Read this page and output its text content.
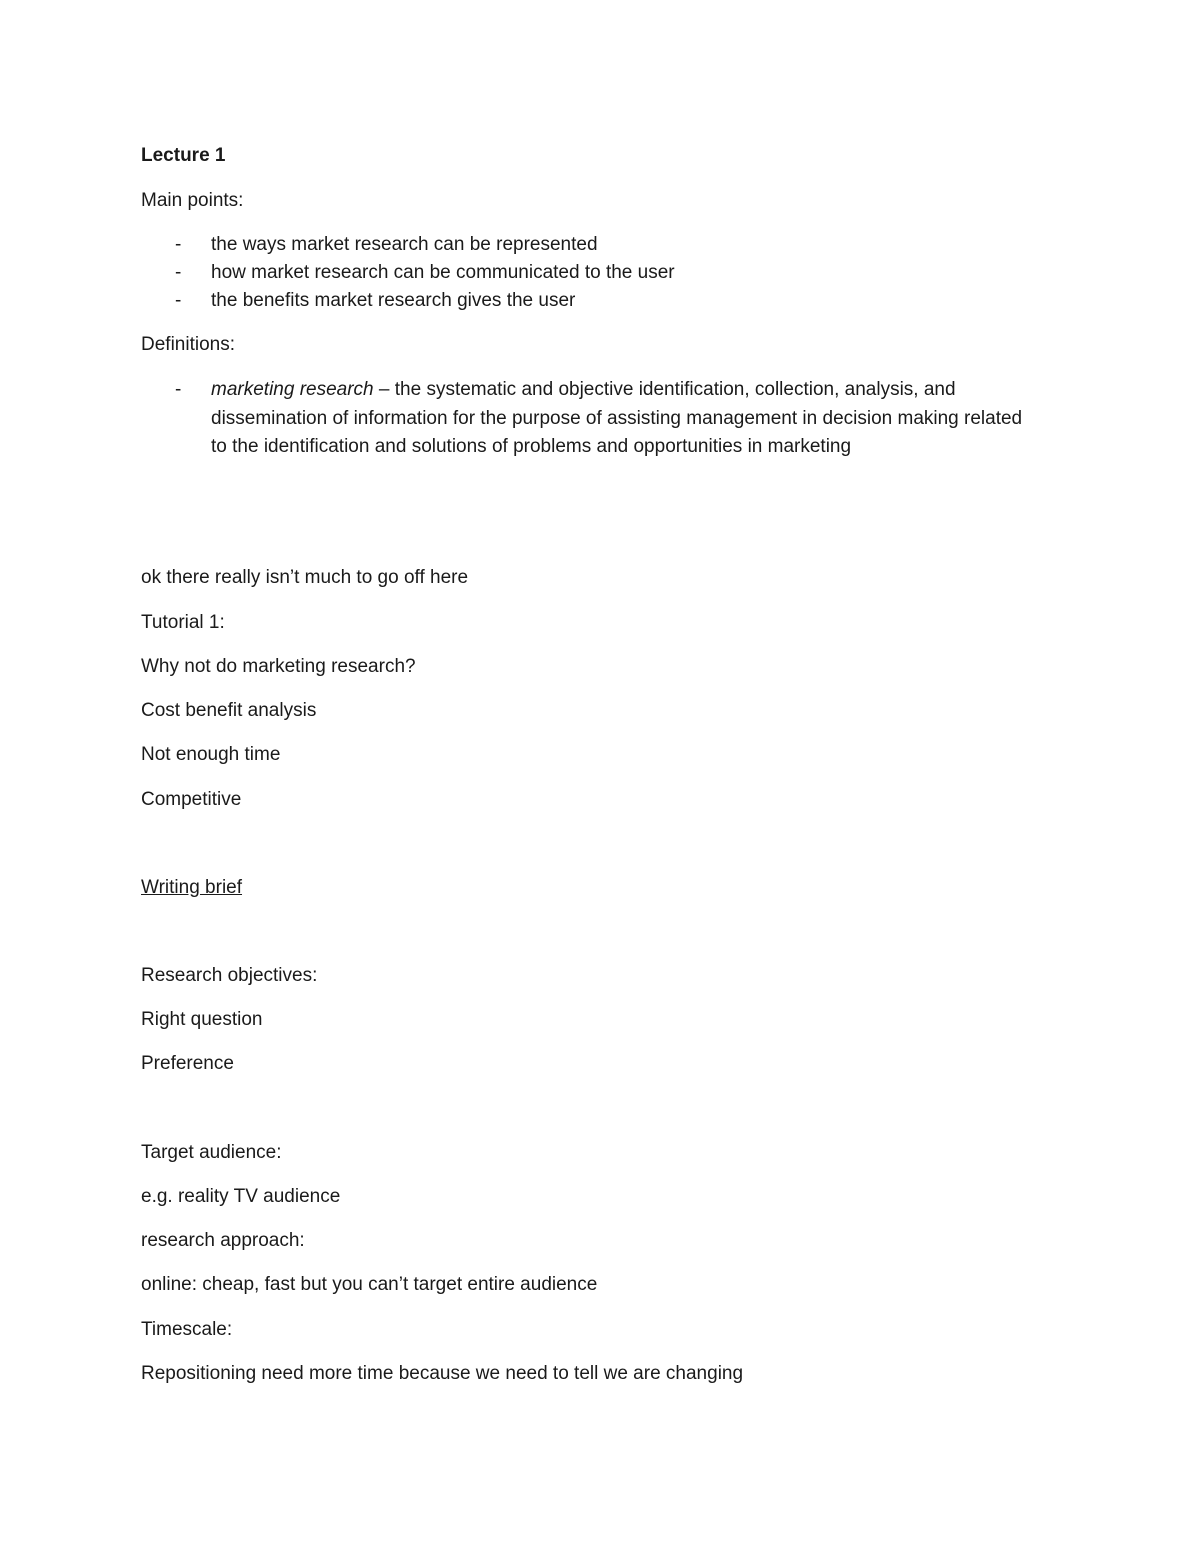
Lecture 1
Main points:
- the ways market research can be represented
- how market research can be communicated to the user
- the benefits market research gives the user
Definitions:
- marketing research – the systematic and objective identification, collection, analysis, and dissemination of information for the purpose of assisting management in decision making related to the identification and solutions of problems and opportunities in marketing
ok there really isn’t much to go off here
Tutorial 1:
Why not do marketing research?
Cost benefit analysis
Not enough time
Competitive
Writing brief
Research objectives:
Right question
Preference
Target audience:
e.g. reality TV audience
research approach:
online: cheap, fast but you can’t target entire audience
Timescale:
Repositioning need more time because we need to tell we are changing
